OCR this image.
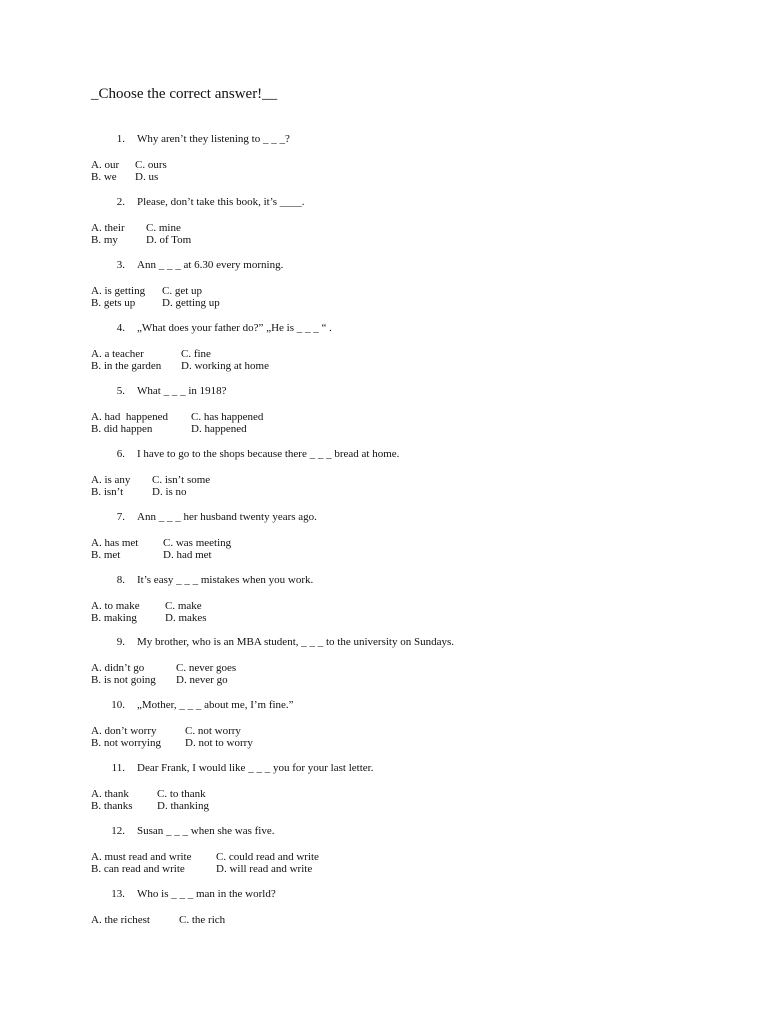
_Choose the correct answer!__
1. Why aren’t they listening to _ _ _?
A. our C. ours
B. we D. us
2. Please, don’t take this book, it’s ____.
A. their C. mine
B. my	D. of Tom
3. Ann _ _ _ at 6.30 every morning.
A. is getting C. get up
B. gets up D. getting up
4. „What does your father do?” „He is _ _ _ “ .
A. a teacher	C. fine
B. in the garden D. working at home
5. What _ _ _ in 1918?
A. had  happened C. has happened
B. did happen	D. happened
6. I have to go to the shops because there _ _ _ bread at home.
A. is any C. isn’t some
B. isn’t	D. is no
7. Ann _ _ _ her husband twenty years ago.
A. has met C. was meeting
B. met	D. had met
8. It’s easy _ _ _ mistakes when you work.
A. to make C. make
B. making	D. makes
9. My brother, who is an MBA student, _ _ _ to the university on Sundays.
A. didn’t go	C. never goes
B. is not going D. never go
10. „Mother, _ _ _ about me, I’m fine.”
A. don’t worry	C. not worry
B. not worrying D. not to worry
11. Dear Frank, I would like _ _ _ you for your last letter.
A. thank	C. to thank
B. thanks D. thanking
12. Susan _ _ _ when she was five.
A. must read and write C. could read and write
B. can read and write	D. will read and write
13. Who is _ _ _ man in the world?
A. the richest	C. the rich
